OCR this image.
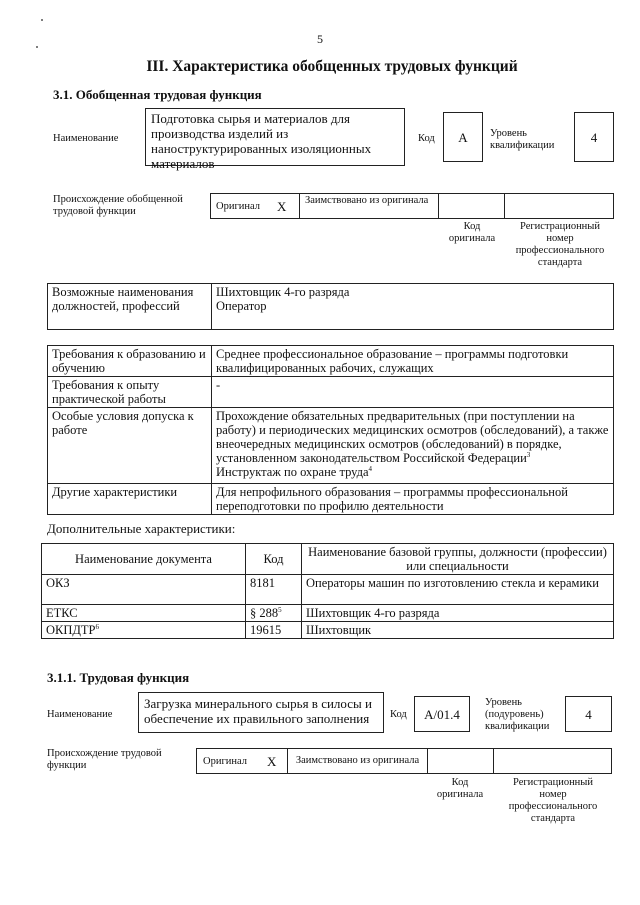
5
III. Характеристика обобщенных трудовых функций
3.1. Обобщенная трудовая функция
Наименование
Подготовка сырья и материалов для производства изделий из наноструктурированных изоляционных материалов
Код	A	Уровень квалификации
4
Происхождение обобщенной трудовой функции	Оригинал X	Заимствовано из оригинала
Код оригинала
Регистрационный номер профессионального стандарта
Возможные наименования должностей, профессий	
Шихтовщик 4-го разряда
Оператор
Требования к образованию и обучению	Среднее профессиональное образование – программы подготовки квалифицированных рабочих, служащих
Требования к опыту практической работы	-
Особые условия допуска к работе	Прохождение обязательных предварительных (при поступлении на работу) и периодических медицинских осмотров (обследований), а также внеочередных медицинских осмотров (обследований) в порядке, установленном законодательством Российской Федерации$^3$
Инструктаж по охране труда$^4$
Другие характеристики	Для непрофильного образования – программы профессиональной переподготовки по профилю деятельности
Дополнительные характеристики:
Наименование документа	Код	Наименование базовой группы, должности (профессии) или специальности
ОКЗ	8181	Операторы машин по изготовлению стекла и керамики
ЕТКС	§ $288^5$	Шихтовщик 4-го разряда
ОКПДТР$^6$	19615	Шихтовщик
3.1.1. Трудовая функция
Наименование
Загрузка минерального сырья в силосы и обеспечение их правильного заполнения	Код	A/01.4
Уровень (подуровень) квалификации
4
Происхождение трудовой функции	Оригинал X	Заимствовано из оригинала
Код оригинала
Регистрационный номер профессионального стандарта
